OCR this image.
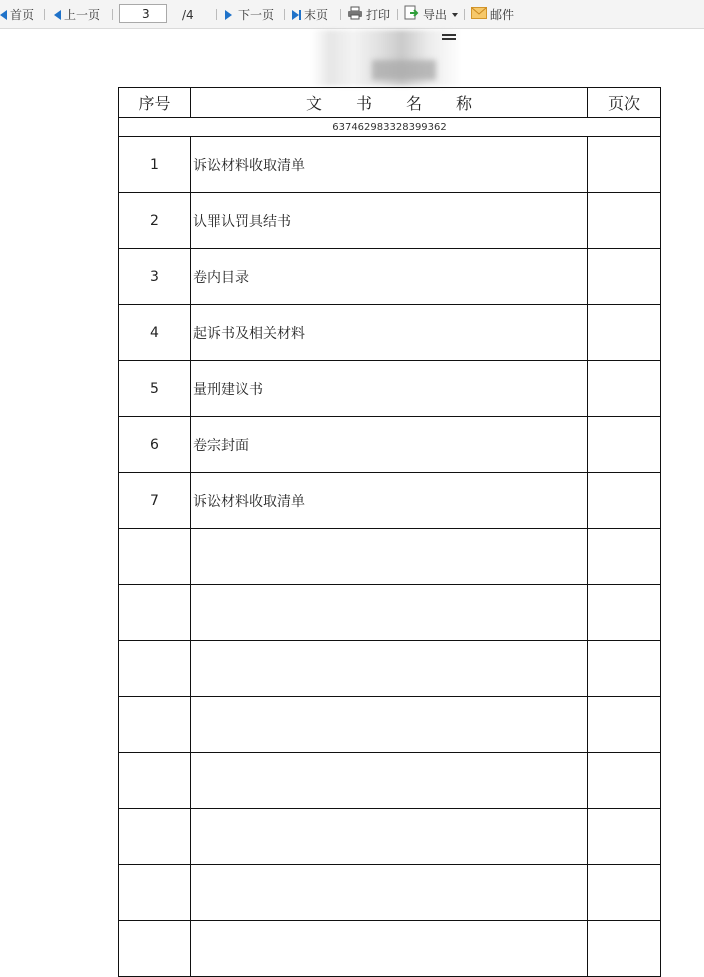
首页 上一页
3	/4	下一页 末页	打印	导出	邮件
序号	文书名称	页次
637462983328399362		
1	诉讼材料收取清单	
2	认罪认罚具结书	
3	卷内目录	
4	起诉书及相关材料	
5	量刑建议书	
6	卷宗封面	
7	诉讼材料收取清单	
